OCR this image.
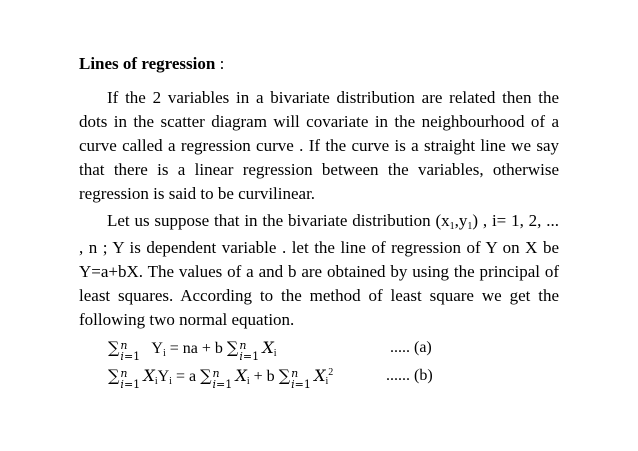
Lines of regression :
If the 2 variables in a bivariate distribution are related then the dots in the scatter diagram will covariate in the neighbourhood of a curve called a regression curve . If the curve is a straight line we say that there is a linear regression between the variables, otherwise regression is said to be curvilinear.
Let us suppose that in the bivariate distribution (x1,y1) , i= 1, 2, ... , n ; Y is dependent variable . let the line of regression of Y on X be Y=a+bX. The values of a and b are obtained by using the principal of least squares. According to the method of least square we get the following two normal equation.
∑ n
i=1 Yi = na + b ∑ n
i=1 Xi	..... (a)
∑ n
i=1 XiYi = a ∑ n
i=1 Xi + b ∑ n
i=1 Xi$^2$	...... (b)
